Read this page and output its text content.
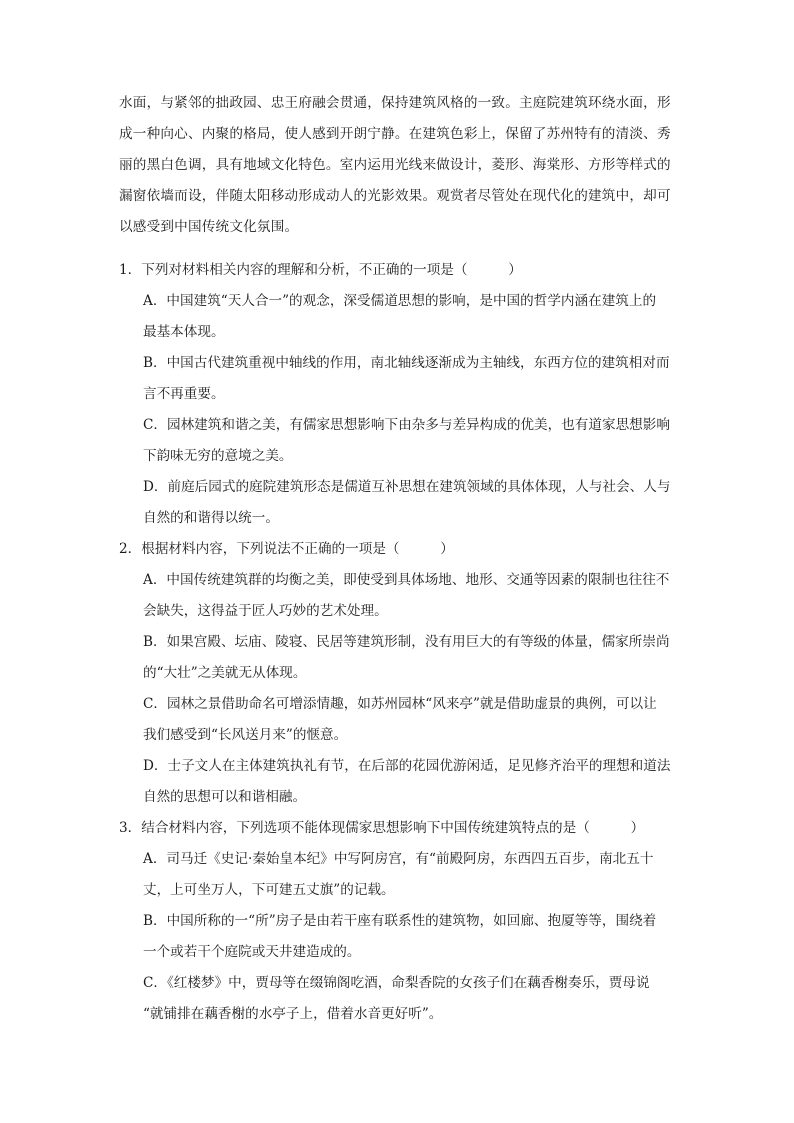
水面，与紧邻的拙政园、忠王府融会贯通，保持建筑风格的一致。主庭院建筑环绕水面，形

成一种向心、内聚的格局，使人感到开朗宁静。在建筑色彩上，保留了苏州特有的清淡、秀

丽的黑白色调，具有地域文化特色。室内运用光线来做设计，菱形、海棠形、方形等样式的

漏窗依墙而设，伴随太阳移动形成动人的光影效果。观赏者尽管处在现代化的建筑中，却可

以感受到中国传统文化氛围。

1．下列对材料相关内容的理解和分析，不正确的一项是（　　　）

A．中国建筑“天人合一”的观念，深受儒道思想的影响，是中国的哲学内涵在建筑上的
最基本体现。
B．中国古代建筑重视中轴线的作用，南北轴线逐渐成为主轴线，东西方位的建筑相对而
言不再重要。
C．园林建筑和谐之美，有儒家思想影响下由杂多与差异构成的优美，也有道家思想影响
下韵味无穷的意境之美。
D．前庭后园式的庭院建筑形态是儒道互补思想在建筑领域的具体体现，人与社会、人与
自然的和谐得以统一。

2．根据材料内容，下列说法不正确的一项是（　　　）

A．中国传统建筑群的均衡之美，即使受到具体场地、地形、交通等因素的限制也往往不
会缺失，这得益于匠人巧妙的艺术处理。
B．如果宫殿、坛庙、陵寝、民居等建筑形制，没有用巨大的有等级的体量，儒家所崇尚
的“大壮”之美就无从体现。
C．园林之景借助命名可增添情趣，如苏州园林“风来亭”就是借助虚景的典例，可以让
我们感受到“长风送月来”的惬意。
D．士子文人在主体建筑执礼有节，在后部的花园优游闲适，足见修齐治平的理想和道法
自然的思想可以和谐相融。

3．结合材料内容，下列选项不能体现儒家思想影响下中国传统建筑特点的是（　　　）

A．司马迁《史记·秦始皇本纪》中写阿房宫，有“前殿阿房，东西四五百步，南北五十
丈，上可坐万人，下可建五丈旗”的记载。
B．中国所称的一“所”房子是由若干座有联系性的建筑物，如回廊、抱厦等等，围绕着
一个或若干个庭院或天井建造成的。
C．《红楼梦》中，贾母等在缀锦阁吃酒，命梨香院的女孩子们在藕香榭奏乐，贾母说
“就铺排在藕香榭的水亭子上，借着水音更好听”。
